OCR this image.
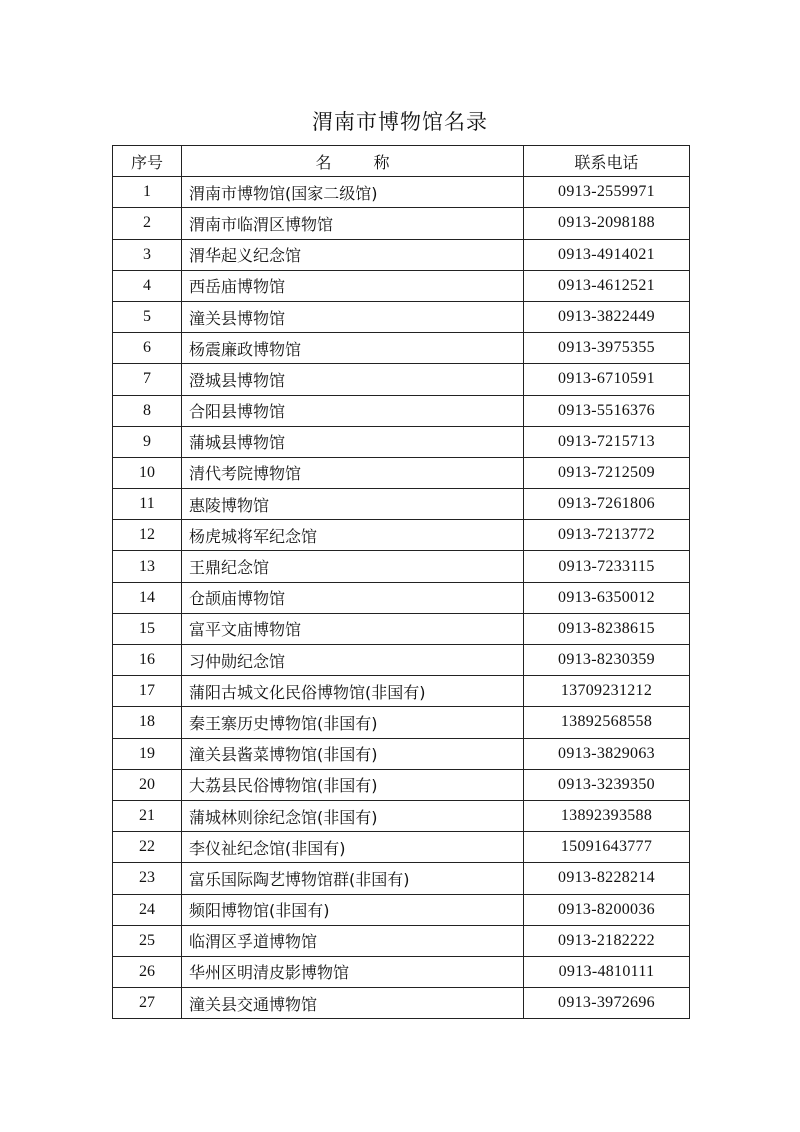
渭南市博物馆名录
序号	名 称	联系电话
1	渭南市博物馆(国家二级馆)	0913-2559971
2	渭南市临渭区博物馆	0913-2098188
3	渭华起义纪念馆	0913-4914021
4	西岳庙博物馆	0913-4612521
5	潼关县博物馆	0913-3822449
6	杨震廉政博物馆	0913-3975355
7	澄城县博物馆	0913-6710591
8	合阳县博物馆	0913-5516376
9	蒲城县博物馆	0913-7215713
10	清代考院博物馆	0913-7212509
11	惠陵博物馆	0913-7261806
12	杨虎城将军纪念馆	0913-7213772
13	王鼎纪念馆	0913-7233115
14	仓颉庙博物馆	0913-6350012
15	富平文庙博物馆	0913-8238615
16	习仲勋纪念馆	0913-8230359
17	蒲阳古城文化民俗博物馆(非国有)	13709231212
18	秦王寨历史博物馆(非国有)	13892568558
19	潼关县酱菜博物馆(非国有)	0913-3829063
20	大荔县民俗博物馆(非国有)	0913-3239350
21	蒲城林则徐纪念馆(非国有)	13892393588
22	李仪祉纪念馆(非国有)	15091643777
23	富乐国际陶艺博物馆群(非国有)	0913-8228214
24	频阳博物馆(非国有)	0913-8200036
25	临渭区孚道博物馆	0913-2182222
26	华州区明清皮影博物馆	0913-4810111
27	潼关县交通博物馆	0913-3972696
